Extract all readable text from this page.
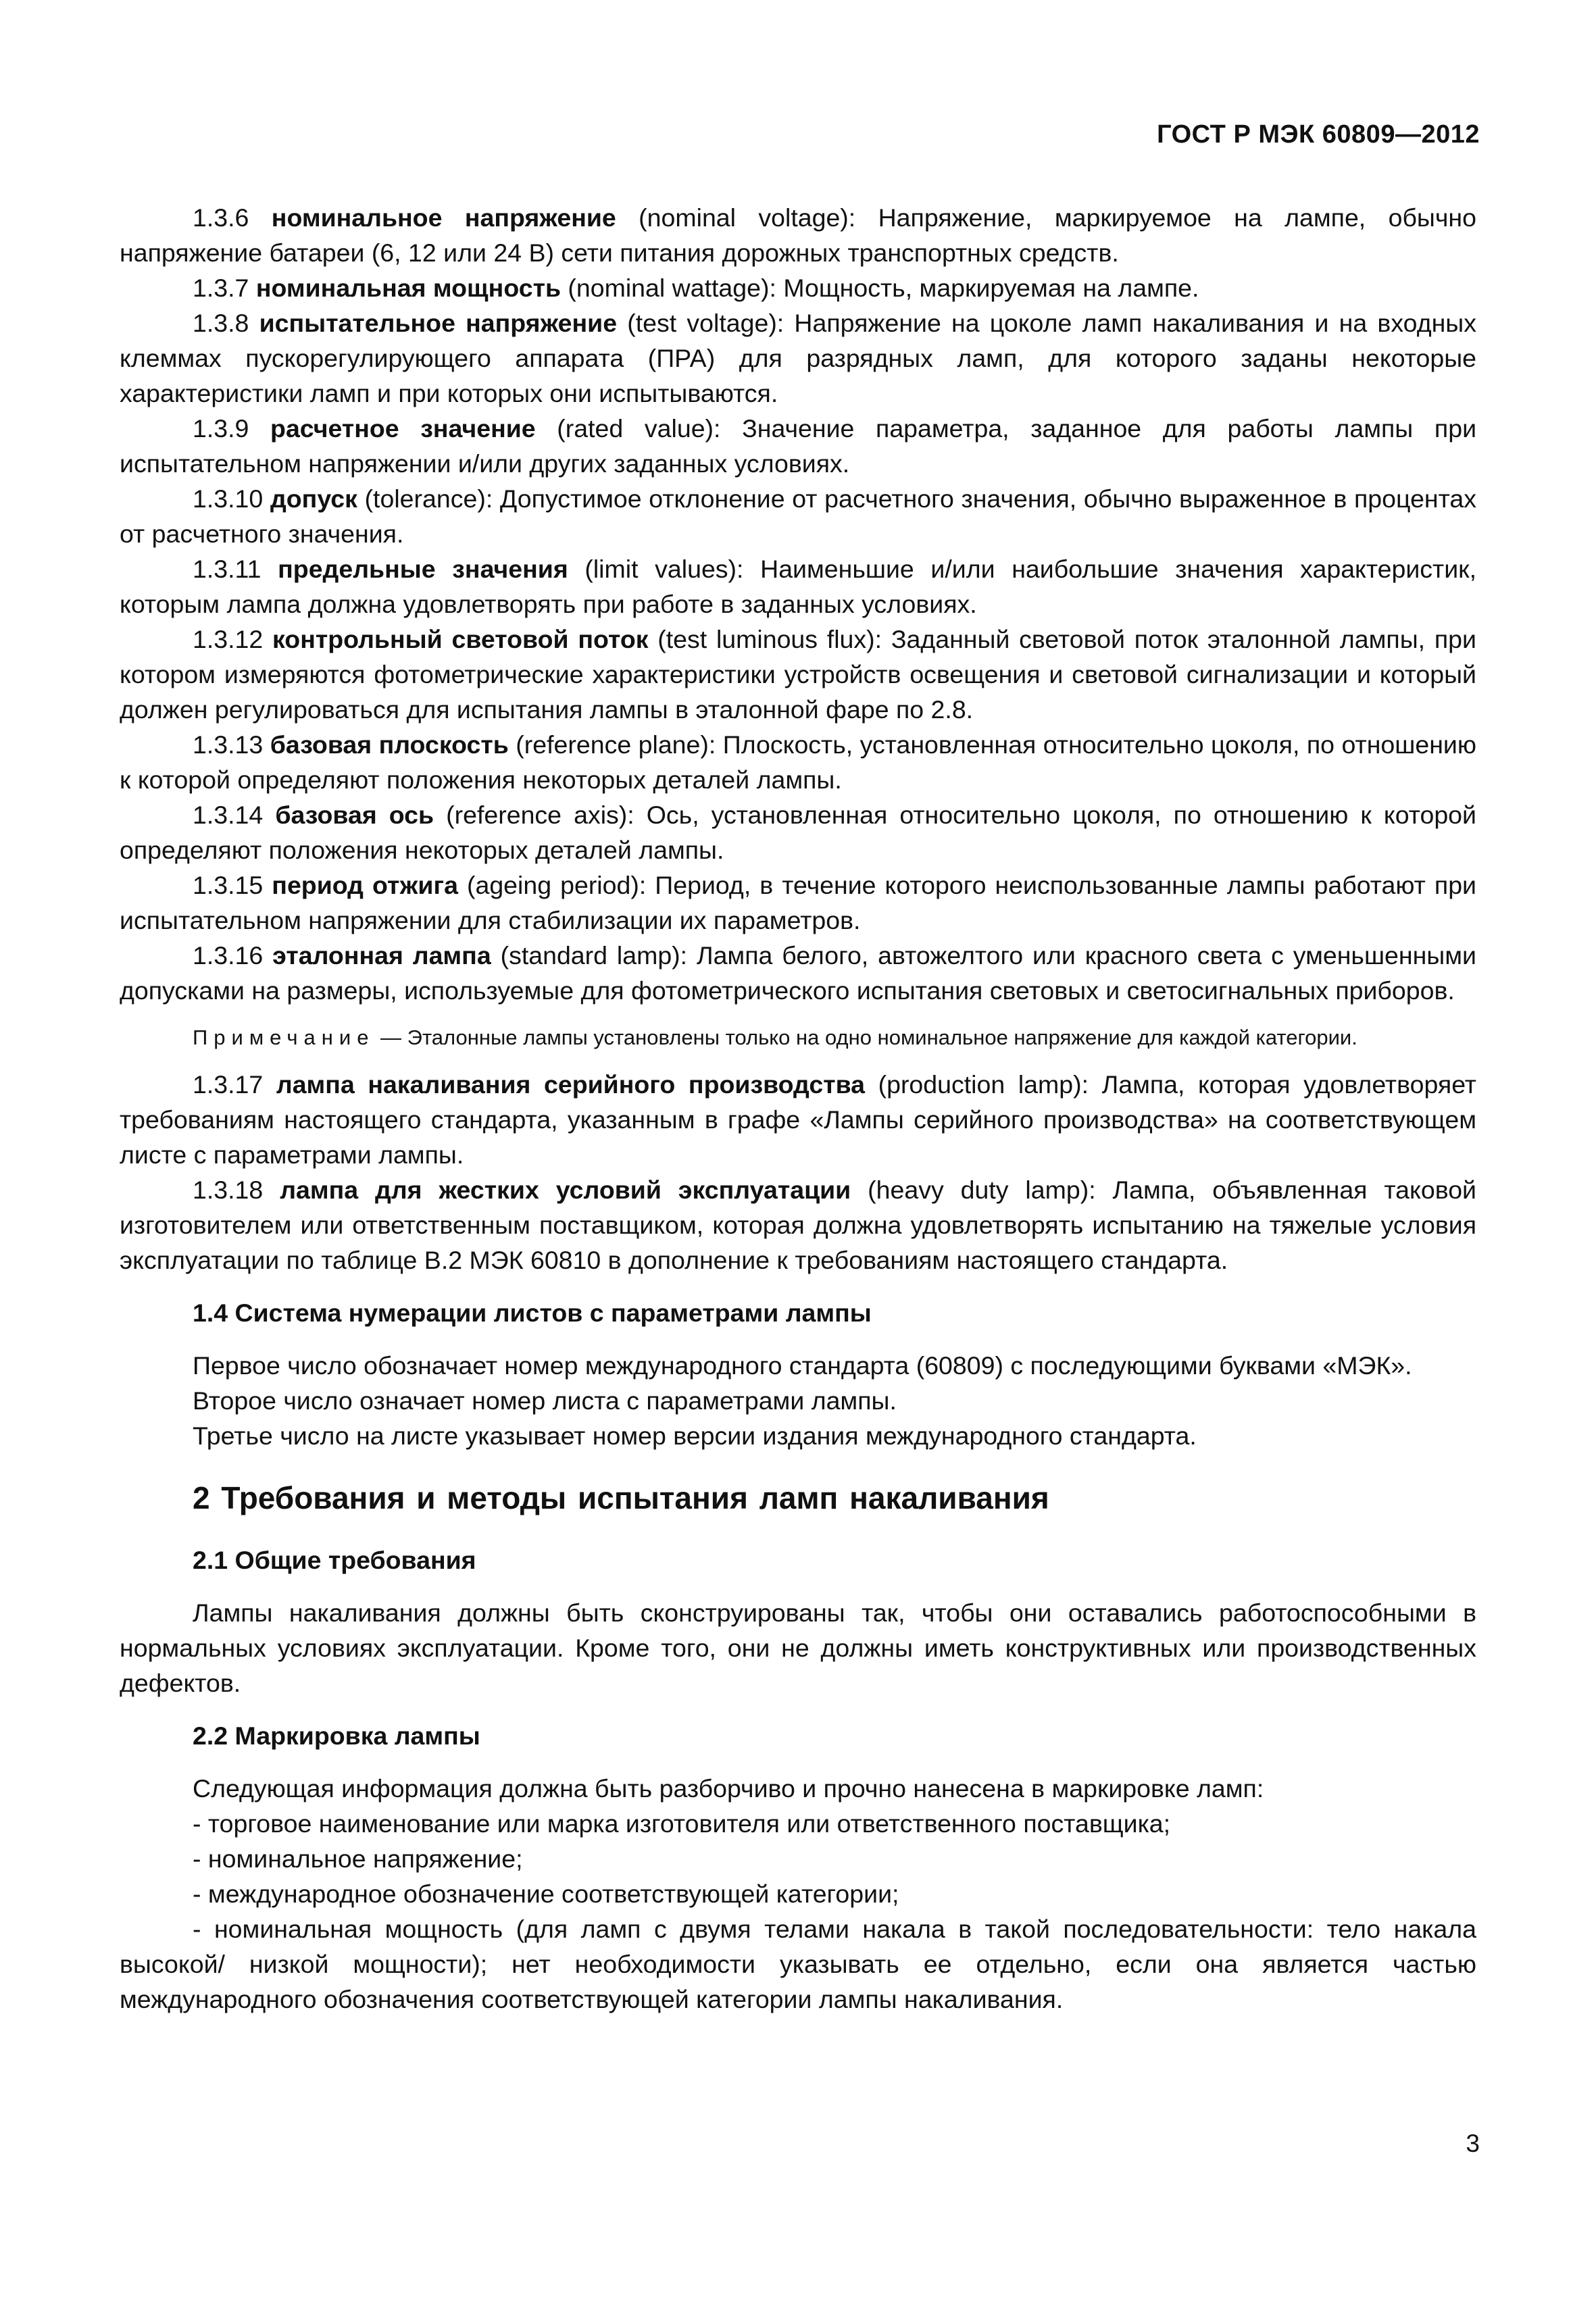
ГОСТ Р МЭК 60809—2012

1.3.6 номинальное напряжение (nominal voltage): Напряжение, маркируемое на лампе, обычно напряжение батареи (6, 12 или 24 В) сети питания дорожных транспортных средств.

1.3.7 номинальная мощность (nominal wattage): Мощность, маркируемая на лампе.

1.3.8 испытательное напряжение (test voltage): Напряжение на цоколе ламп накаливания и на входных клеммах пускорегулирующего аппарата (ПРА) для разрядных ламп, для которого заданы некоторые характеристики ламп и при которых они испытываются.

1.3.9 расчетное значение (rated value): Значение параметра, заданное для работы лампы при испытательном напряжении и/или других заданных условиях.

1.3.10 допуск (tolerance): Допустимое отклонение от расчетного значения, обычно выраженное в процентах от расчетного значения.

1.3.11 предельные значения (limit values): Наименьшие и/или наибольшие значения характеристик, которым лампа должна удовлетворять при работе в заданных условиях.

1.3.12 контрольный световой поток (test luminous flux): Заданный световой поток эталонной лампы, при котором измеряются фотометрические характеристики устройств освещения и световой сигнализации и который должен регулироваться для испытания лампы в эталонной фаре по 2.8.

1.3.13 базовая плоскость (reference plane): Плоскость, установленная относительно цоколя, по отношению к которой определяют положения некоторых деталей лампы.

1.3.14 базовая ось (reference axis): Ось, установленная относительно цоколя, по отношению к которой определяют положения некоторых деталей лампы.

1.3.15 период отжига (ageing period): Период, в течение которого неиспользованные лампы работают при испытательном напряжении для стабилизации их параметров.

1.3.16 эталонная лампа (standard lamp): Лампа белого, автожелтого или красного света с уменьшенными допусками на размеры, используемые для фотометрического испытания световых и светосигнальных приборов.

Примечание — Эталонные лампы установлены только на одно номинальное напряжение для каждой категории.

1.3.17 лампа накаливания серийного производства (production lamp): Лампа, которая удовлетворяет требованиям настоящего стандарта, указанным в графе «Лампы серийного производства» на соответствующем листе с параметрами лампы.

1.3.18 лампа для жестких условий эксплуатации (heavy duty lamp): Лампа, объявленная таковой изготовителем или ответственным поставщиком, которая должна удовлетворять испытанию на тяжелые условия эксплуатации по таблице В.2 МЭК 60810 в дополнение к требованиям настоящего стандарта.

1.4 Система нумерации листов с параметрами лампы

Первое число обозначает номер международного стандарта (60809) с последующими буквами «МЭК».

Второе число означает номер листа с параметрами лампы.

Третье число на листе указывает номер версии издания международного стандарта.

2 Требования и методы испытания ламп накаливания

2.1 Общие требования

Лампы накаливания должны быть сконструированы так, чтобы они оставались работоспособными в нормальных условиях эксплуатации. Кроме того, они не должны иметь конструктивных или производственных дефектов.

2.2 Маркировка лампы

Следующая информация должна быть разборчиво и прочно нанесена в маркировке ламп:

- торговое наименование или марка изготовителя или ответственного поставщика;

- номинальное напряжение;

- международное обозначение соответствующей категории;

- номинальная мощность (для ламп с двумя телами накала в такой последовательности: тело накала высокой/ низкой мощности); нет необходимости указывать ее отдельно, если она является частью международного обозначения соответствующей категории лампы накаливания.

3
